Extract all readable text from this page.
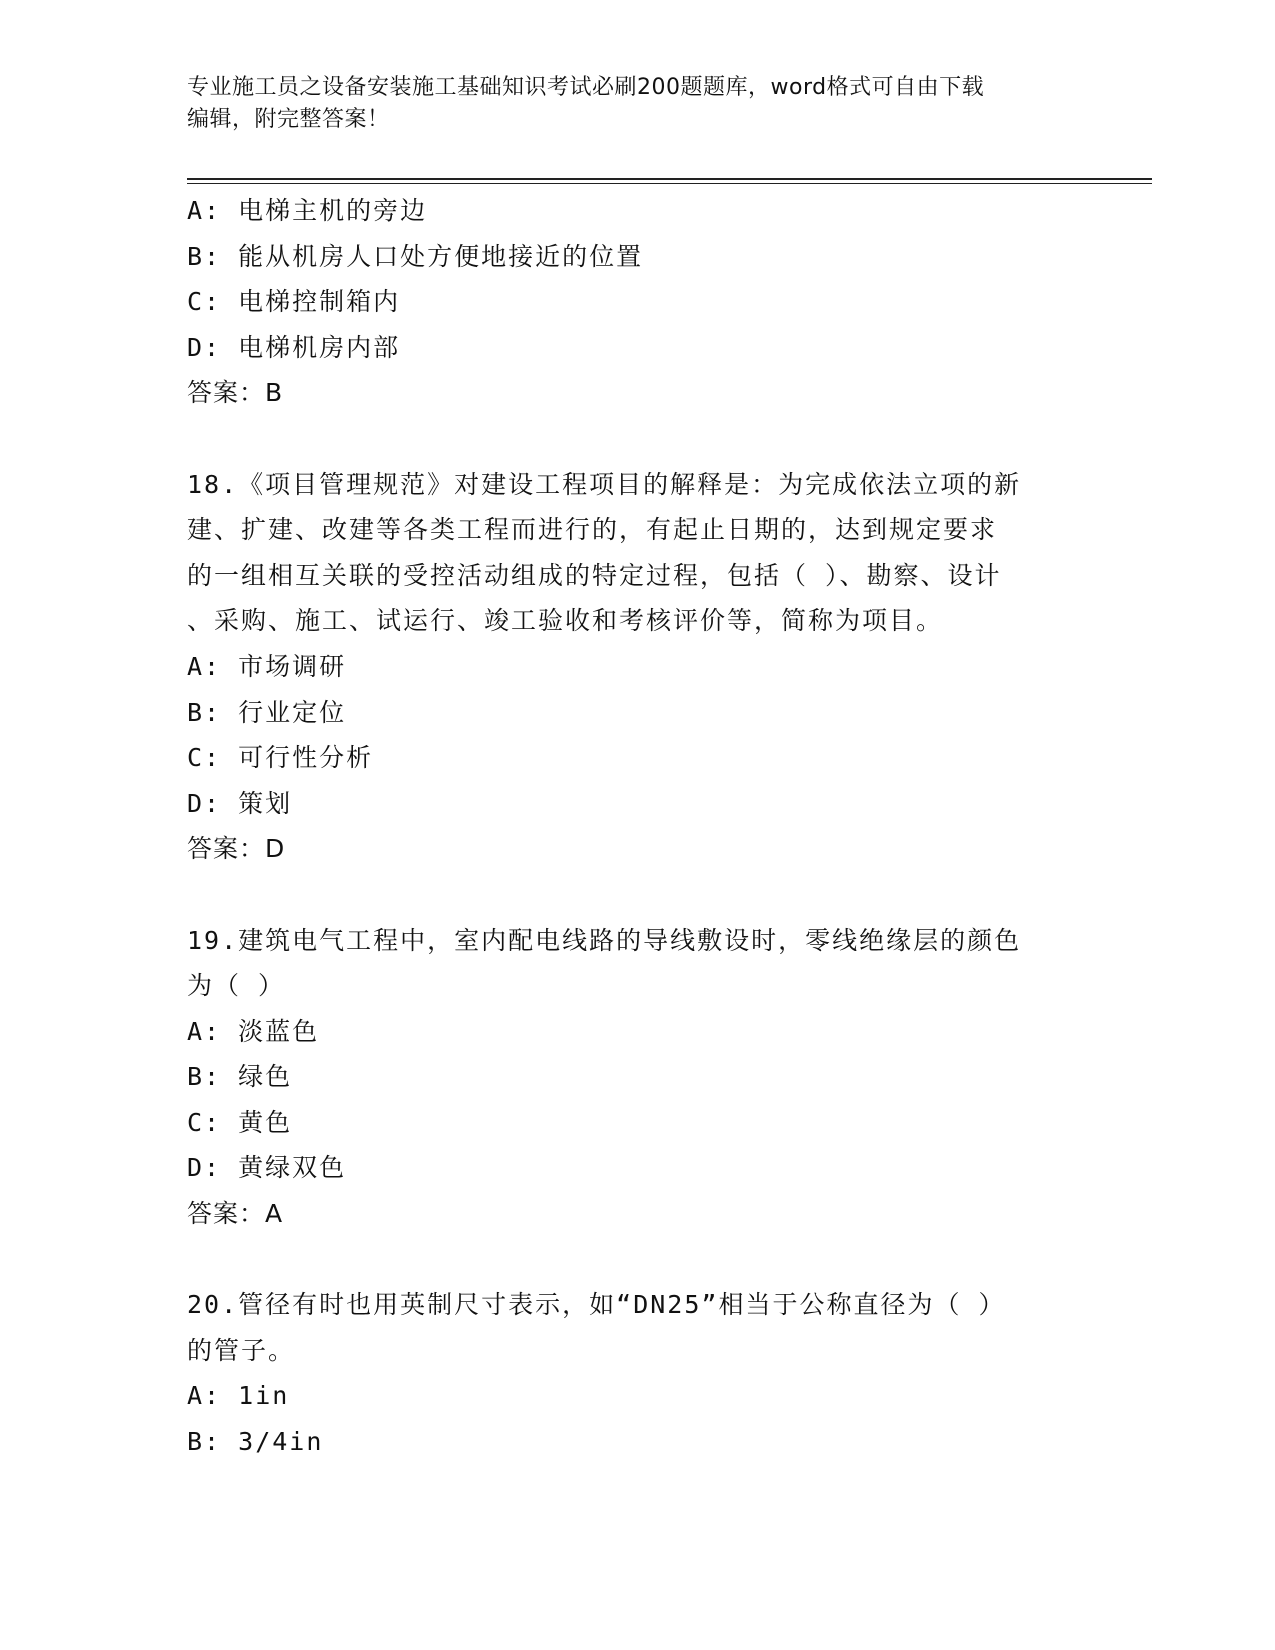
专业施工员之设备安装施工基础知识考试必刷200题题库，word格式可自由下载
编辑，附完整答案！
A: 电梯主机的旁边
B: 能从机房人口处方便地接近的位置
C: 电梯控制箱内
D: 电梯机房内部
答案：B
18.《项目管理规范》对建设工程项目的解释是：为完成依法立项的新
建、扩建、改建等各类工程而进行的，有起止日期的，达到规定要求
的一组相互关联的受控活动组成的特定过程，包括（ ）、勘察、设计
、采购、施工、试运行、竣工验收和考核评价等，简称为项目。
A: 市场调研
B: 行业定位
C: 可行性分析
D: 策划
答案：D
19.建筑电气工程中，室内配电线路的导线敷设时，零线绝缘层的颜色
为（ ）
A: 淡蓝色
B: 绿色
C: 黄色
D: 黄绿双色
答案：A
20.管径有时也用英制尺寸表示，如“DN25”相当于公称直径为（ ）
的管子。
A: 1in
B: 3/4in
